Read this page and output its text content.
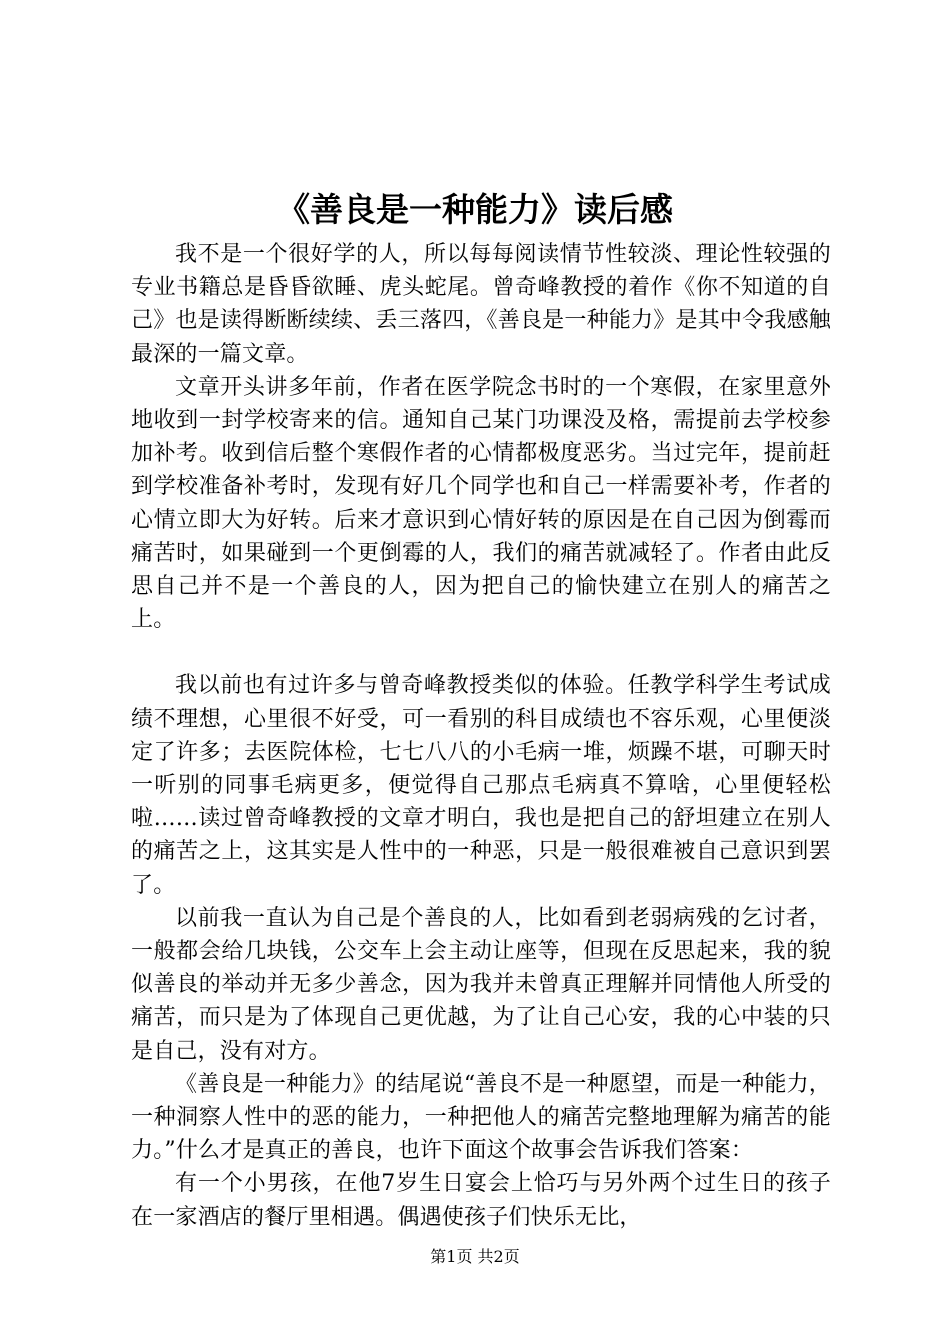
《善良是一种能力》读后感

我不是一个很好学的人，所以每每阅读情节性较淡、理论性较强的专业书籍总是昏昏欲睡、虎头蛇尾。曾奇峰教授的着作《你不知道的自己》也是读得断断续续、丢三落四，《善良是一种能力》是其中令我感触最深的一篇文章。

文章开头讲多年前，作者在医学院念书时的一个寒假，在家里意外地收到一封学校寄来的信。通知自己某门功课没及格，需提前去学校参加补考。收到信后整个寒假作者的心情都极度恶劣。当过完年，提前赶到学校准备补考时，发现有好几个同学也和自己一样需要补考，作者的心情立即大为好转。后来才意识到心情好转的原因是在自己因为倒霉而痛苦时，如果碰到一个更倒霉的人，我们的痛苦就减轻了。作者由此反思自己并不是一个善良的人，因为把自己的愉快建立在别人的痛苦之上。

我以前也有过许多与曾奇峰教授类似的体验。任教学科学生考试成绩不理想，心里很不好受，可一看别的科目成绩也不容乐观，心里便淡定了许多；去医院体检，七七八八的小毛病一堆，烦躁不堪，可聊天时一听别的同事毛病更多，便觉得自己那点毛病真不算啥，心里便轻松啦……读过曾奇峰教授的文章才明白，我也是把自己的舒坦建立在别人的痛苦之上，这其实是人性中的一种恶，只是一般很难被自己意识到罢了。

以前我一直认为自己是个善良的人，比如看到老弱病残的乞讨者，一般都会给几块钱，公交车上会主动让座等，但现在反思起来，我的貌似善良的举动并无多少善念，因为我并未曾真正理解并同情他人所受的痛苦，而只是为了体现自己更优越，为了让自己心安，我的心中装的只是自己，没有对方。

《善良是一种能力》的结尾说“善良不是一种愿望，而是一种能力，一种洞察人性中的恶的能力，一种把他人的痛苦完整地理解为痛苦的能力。”什么才是真正的善良，也许下面这个故事会告诉我们答案：

有一个小男孩，在他7岁生日宴会上恰巧与另外两个过生日的孩子在一家酒店的餐厅里相遇。偶遇使孩子们快乐无比，

第1页 共2页
